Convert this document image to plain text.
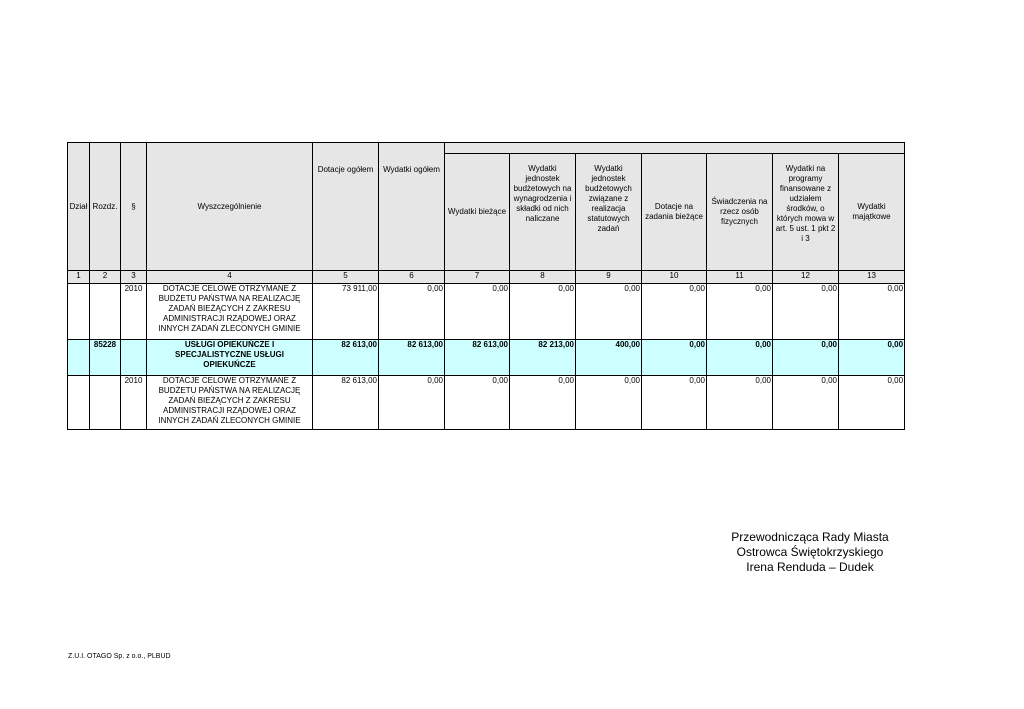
Dział	Rozdz.	§	Wyszczególnienie	Dotacje ogółem	Wydatki ogółem							
						Wydatki bieżące	Wydatki jednostek budżetowych na wynagrodzenia i składki od nich naliczane	Wydatki jednostek budżetowych związane z realizacja statutowych zadań	Dotacje na zadania bieżące	Świadczenia na rzecz osób fizycznych	Wydatki na programy finansowane z udziałem środków, o których mowa w art. 5 ust. 1 pkt 2 i 3	Wydatki majątkowe
1	2	3	4	5	6	7	8	9	10	11	12	13
		2010	DOTACJE CELOWE OTRZYMANE Z BUDŻETU PAŃSTWA NA REALIZACJĘ ZADAŃ BIEŻĄCYCH Z ZAKRESU ADMINISTRACJI RZĄDOWEJ ORAZ INNYCH ZADAŃ ZLECONYCH GMINIE	73 911,00	0,00	0,00	0,00	0,00	0,00	0,00	0,00	0,00
	85228		USŁUGI OPIEKUŃCZE I SPECJALISTYCZNE USŁUGI OPIEKUŃCZE	82 613,00	82 613,00	82 613,00	82 213,00	400,00	0,00	0,00	0,00	0,00
		2010	DOTACJE CELOWE OTRZYMANE Z BUDŻETU PAŃSTWA NA REALIZACJĘ ZADAŃ BIEŻĄCYCH Z ZAKRESU ADMINISTRACJI RZĄDOWEJ ORAZ INNYCH ZADAŃ ZLECONYCH GMINIE	82 613,00	0,00	0,00	0,00	0,00	0,00	0,00	0,00	0,00
Przewodnicząca Rady Miasta
Ostrowca Świętokrzyskiego
Irena Renduda – Dudek
Z.U.I. OTAGO Sp. z o.o., PLBUD
